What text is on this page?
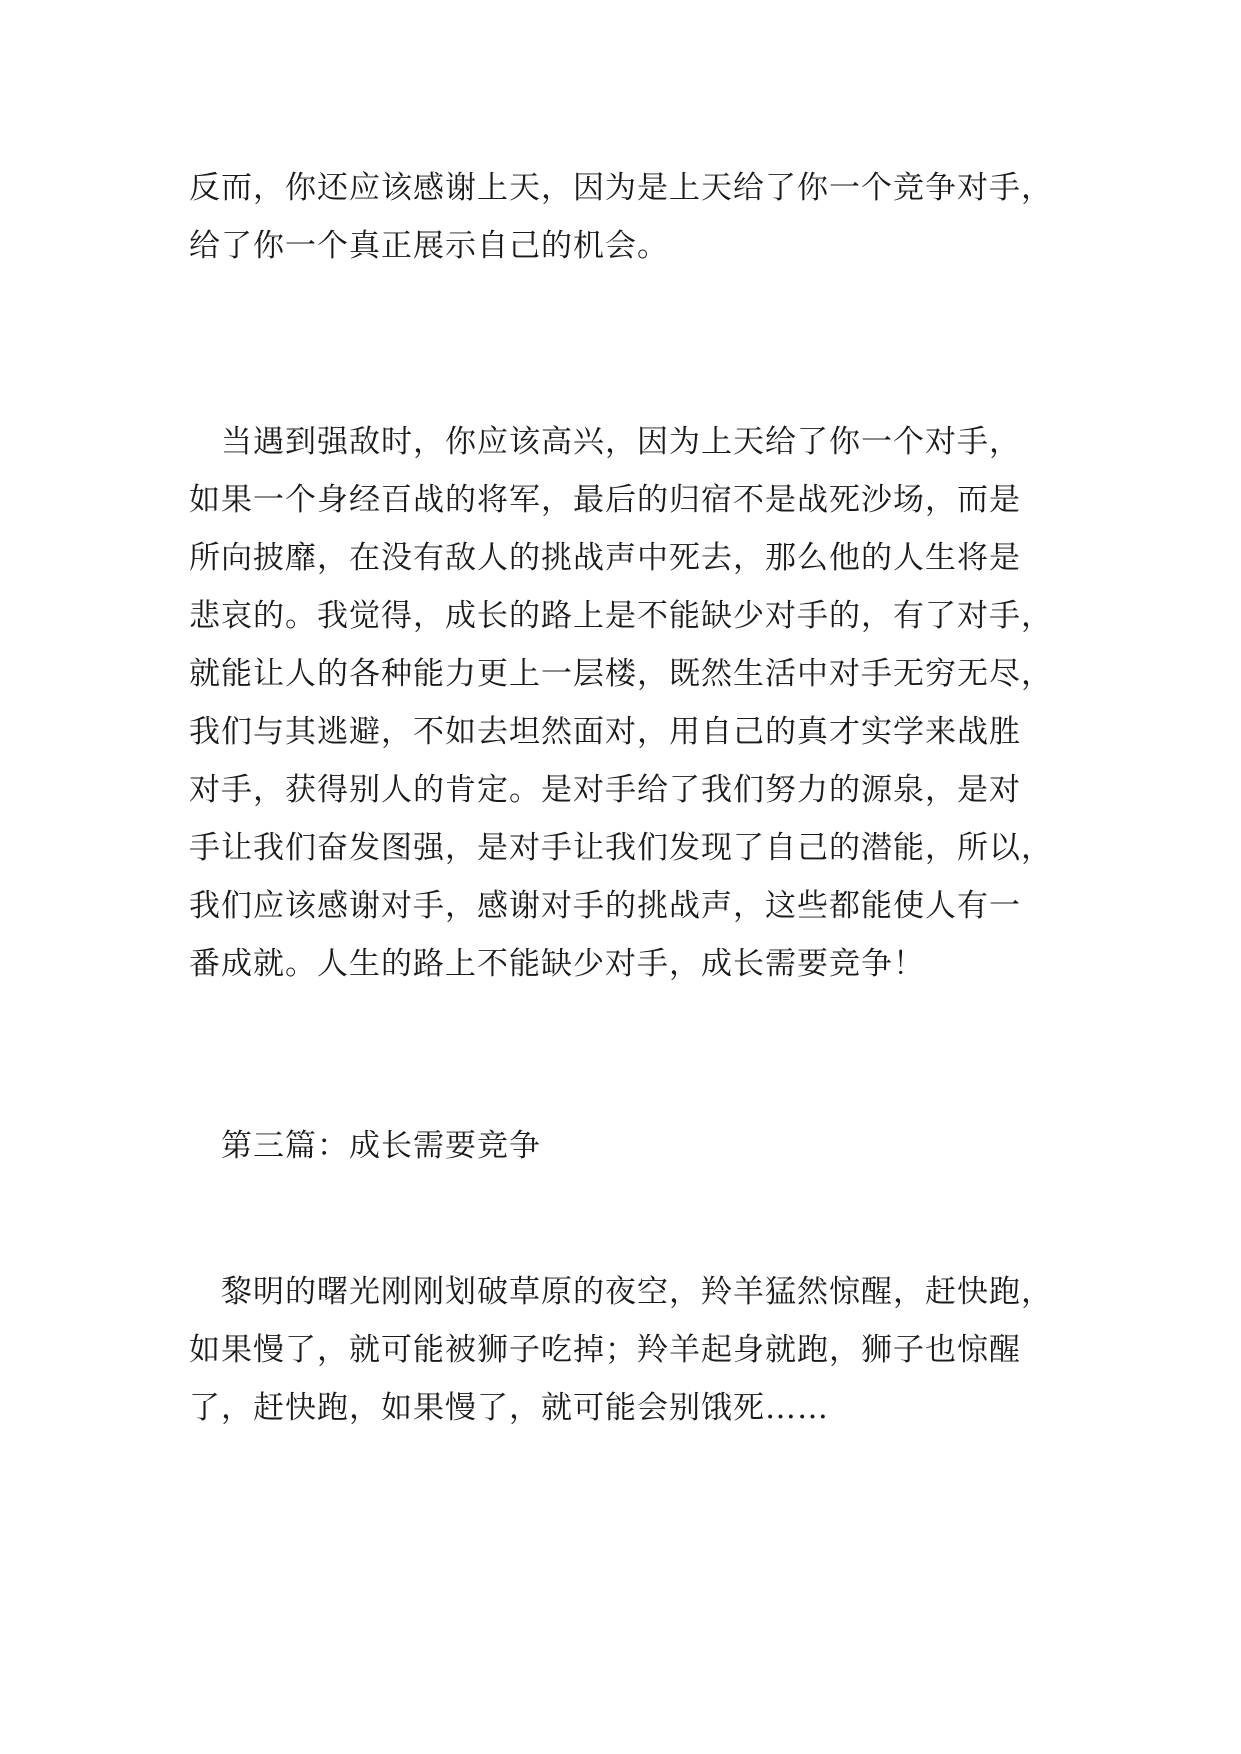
反而，你还应该感谢上天，因为是上天给了你一个竞争对手，
给了你一个真正展示自己的机会。

　当遇到强敌时，你应该高兴，因为上天给了你一个对手，
如果一个身经百战的将军，最后的归宿不是战死沙场，而是
所向披靡，在没有敌人的挑战声中死去，那么他的人生将是
悲哀的。我觉得，成长的路上是不能缺少对手的，有了对手，
就能让人的各种能力更上一层楼，既然生活中对手无穷无尽，
我们与其逃避，不如去坦然面对，用自己的真才实学来战胜
对手，获得别人的肯定。是对手给了我们努力的源泉，是对
手让我们奋发图强，是对手让我们发现了自己的潜能，所以，
我们应该感谢对手，感谢对手的挑战声，这些都能使人有一
番成就。人生的路上不能缺少对手，成长需要竞争！

　第三篇：成长需要竞争

　黎明的曙光刚刚划破草原的夜空，羚羊猛然惊醒，赶快跑，
如果慢了，就可能被狮子吃掉；羚羊起身就跑，狮子也惊醒
了，赶快跑，如果慢了，就可能会别饿死……
